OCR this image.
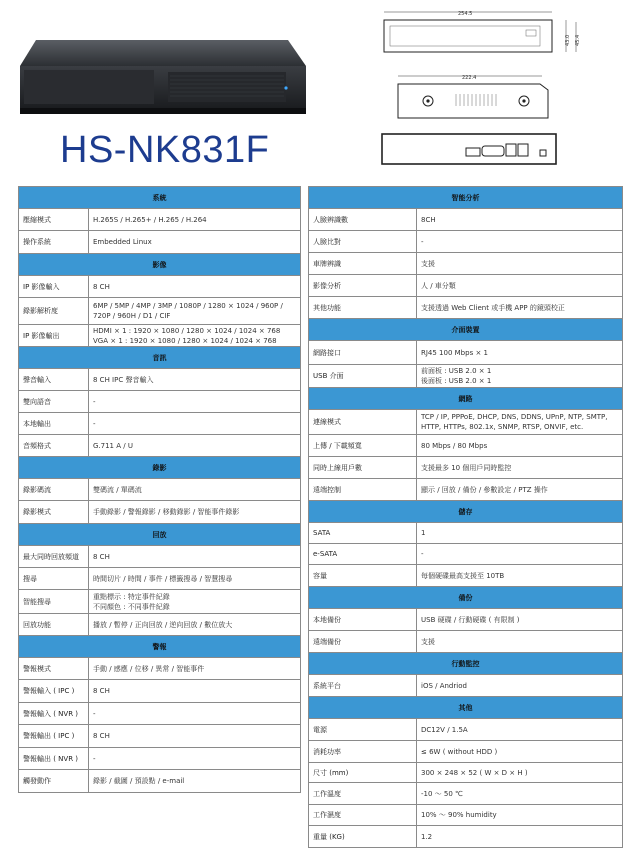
254.5
43.0 45.4
222.4
HS-NK831F
系統	
壓縮模式	H.265S / H.265+ / H.265 / H.264
操作系統	Embedded Linux
影像	
IP 影像輸入	8 CH
錄影解析度	6MP / 5MP / 4MP / 3MP / 1080P / 1280 × 1024 / 960P /
720P / 960H / D1 / CIF
IP 影像輸出	HDMI × 1 : 1920 × 1080 / 1280 × 1024 / 1024 × 768
VGA × 1 : 1920 × 1080 / 1280 × 1024 / 1024 × 768
音訊	
聲音輸入	8 CH IPC 聲音輸入
雙向語音	-
本地輸出	-
音頻格式	G.711 A / U
錄影	
錄影碼流	雙碼流 / 單碼流
錄影模式	手動錄影 / 警報錄影 / 移動錄影 / 智能事件錄影
回放	
最大同時回放頻道	8 CH
搜尋	時間切片 / 時間 / 事件 / 標籤搜尋 / 智慧搜尋
智能搜尋	重點標示 : 特定事件紀錄
不同顏色 : 不同事件紀錄
回放功能	播放 / 暫停 / 正向回放 / 逆向回放 / 數位放大
警報	
警報模式	手動 / 感應 / 位移 / 異常 / 智能事件
警報輸入 ( IPC )	8 CH
警報輸入 ( NVR )	-
警報輸出 ( IPC )	8 CH
警報輸出 ( NVR )	-
觸發動作	錄影 / 截圖 / 預設點 / e-mail
智能分析	
人臉辨識數	8CH
人臉比對	-
車牌辨識	支援
影像分析	人 / 車分類
其他功能	支援透過 Web Client 或手機 APP 的鏡頭校正
介面裝置	
網路接口	RJ45 100 Mbps × 1
USB 介面	前面板 : USB 2.0 × 1
後面板 : USB 2.0 × 1
網路	
連線模式	TCP / IP, PPPoE, DHCP, DNS, DDNS, UPnP, NTP, SMTP,
HTTP, HTTPs, 802.1x, SNMP, RTSP, ONVIF, etc.
上傳 / 下載頻寬	80 Mbps / 80 Mbps
同時上線用戶數	支援最多 10 個用戶同時監控
遠端控制	顯示 / 回放 / 備份 / 參數設定 / PTZ 操作
儲存	
SATA	1
e-SATA	-
容量	每個硬碟最高支援至 10TB
備份	
本地備份	USB 硬碟 / 行動硬碟 ( 有限制 )
遠端備份	支援
行動監控	
系統平台	iOS / Andriod
其他	
電源	DC12V / 1.5A
消耗功率	≤ 6W ( without HDD )
尺寸 (mm)	300 × 248 × 52 ( W × D × H )
工作溫度	-10 ～ 50 ℃
工作濕度	10% ～ 90% humidity
重量 (KG)	1.2
